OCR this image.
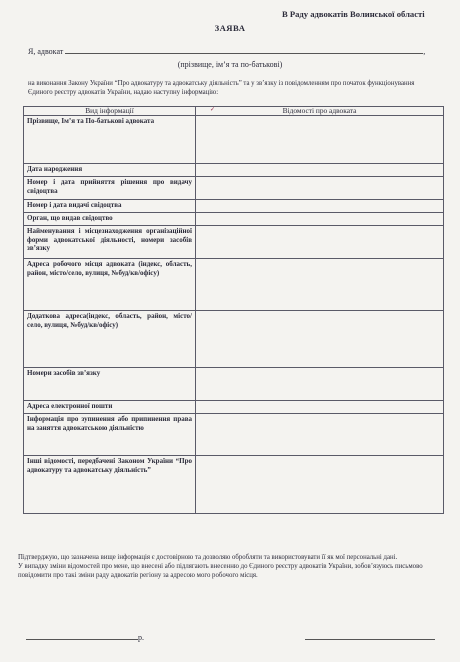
В Раду адвокатів Волинської області
ЗАЯВА
Я, адвокат	,
(прізвище, ім’я та по-батькові)
на виконання Закону України “Про адвокатуру та адвокатську діяльність” та у зв’язку із повідомленням про початок функціонування Єдиного реєстру адвокатів України, надаю наступну інформацію:
Вид інформації	Відомості про адвоката
Прізвище, Ім’я та По-батькові адвоката	
Дата народження	
Номер і дата прийняття рішення про видачу свідоцтва	
Номер і дата видачі свідоцтва	
Орган, що видав свідоцтво	
Найменування і місцезнаходження організаційної форми адвокатської діяльності, номери засобів зв’язку	
Адреса робочого місця адвоката (індекс, область, район, місто/село, вулиця, №буд/кв/офісу)	
Додаткова адреса(індекс, область, район, місто/село, вулиця, №буд/кв/офісу)	
Номери засобів зв’язку	
Адреса електронної пошти	
Інформація про зупинення або припинення права на заняття адвокатською діяльністю	
Інші відомості, передбачені Законом України “Про адвокатуру та адвокатську діяльність”	
✓
Підтверджую, що зазначена вище інформація є достовірною та дозволяю обробляти та використовувати її як мої персональні дані.
У випадку зміни відомостей про мене, що внесені або підлягають внесенню до Єдиного реєстру адвокатів України, зобов’язуюсь письмово повідомити про такі зміни раду адвокатів регіону за адресою мого робочого місця.
р.
